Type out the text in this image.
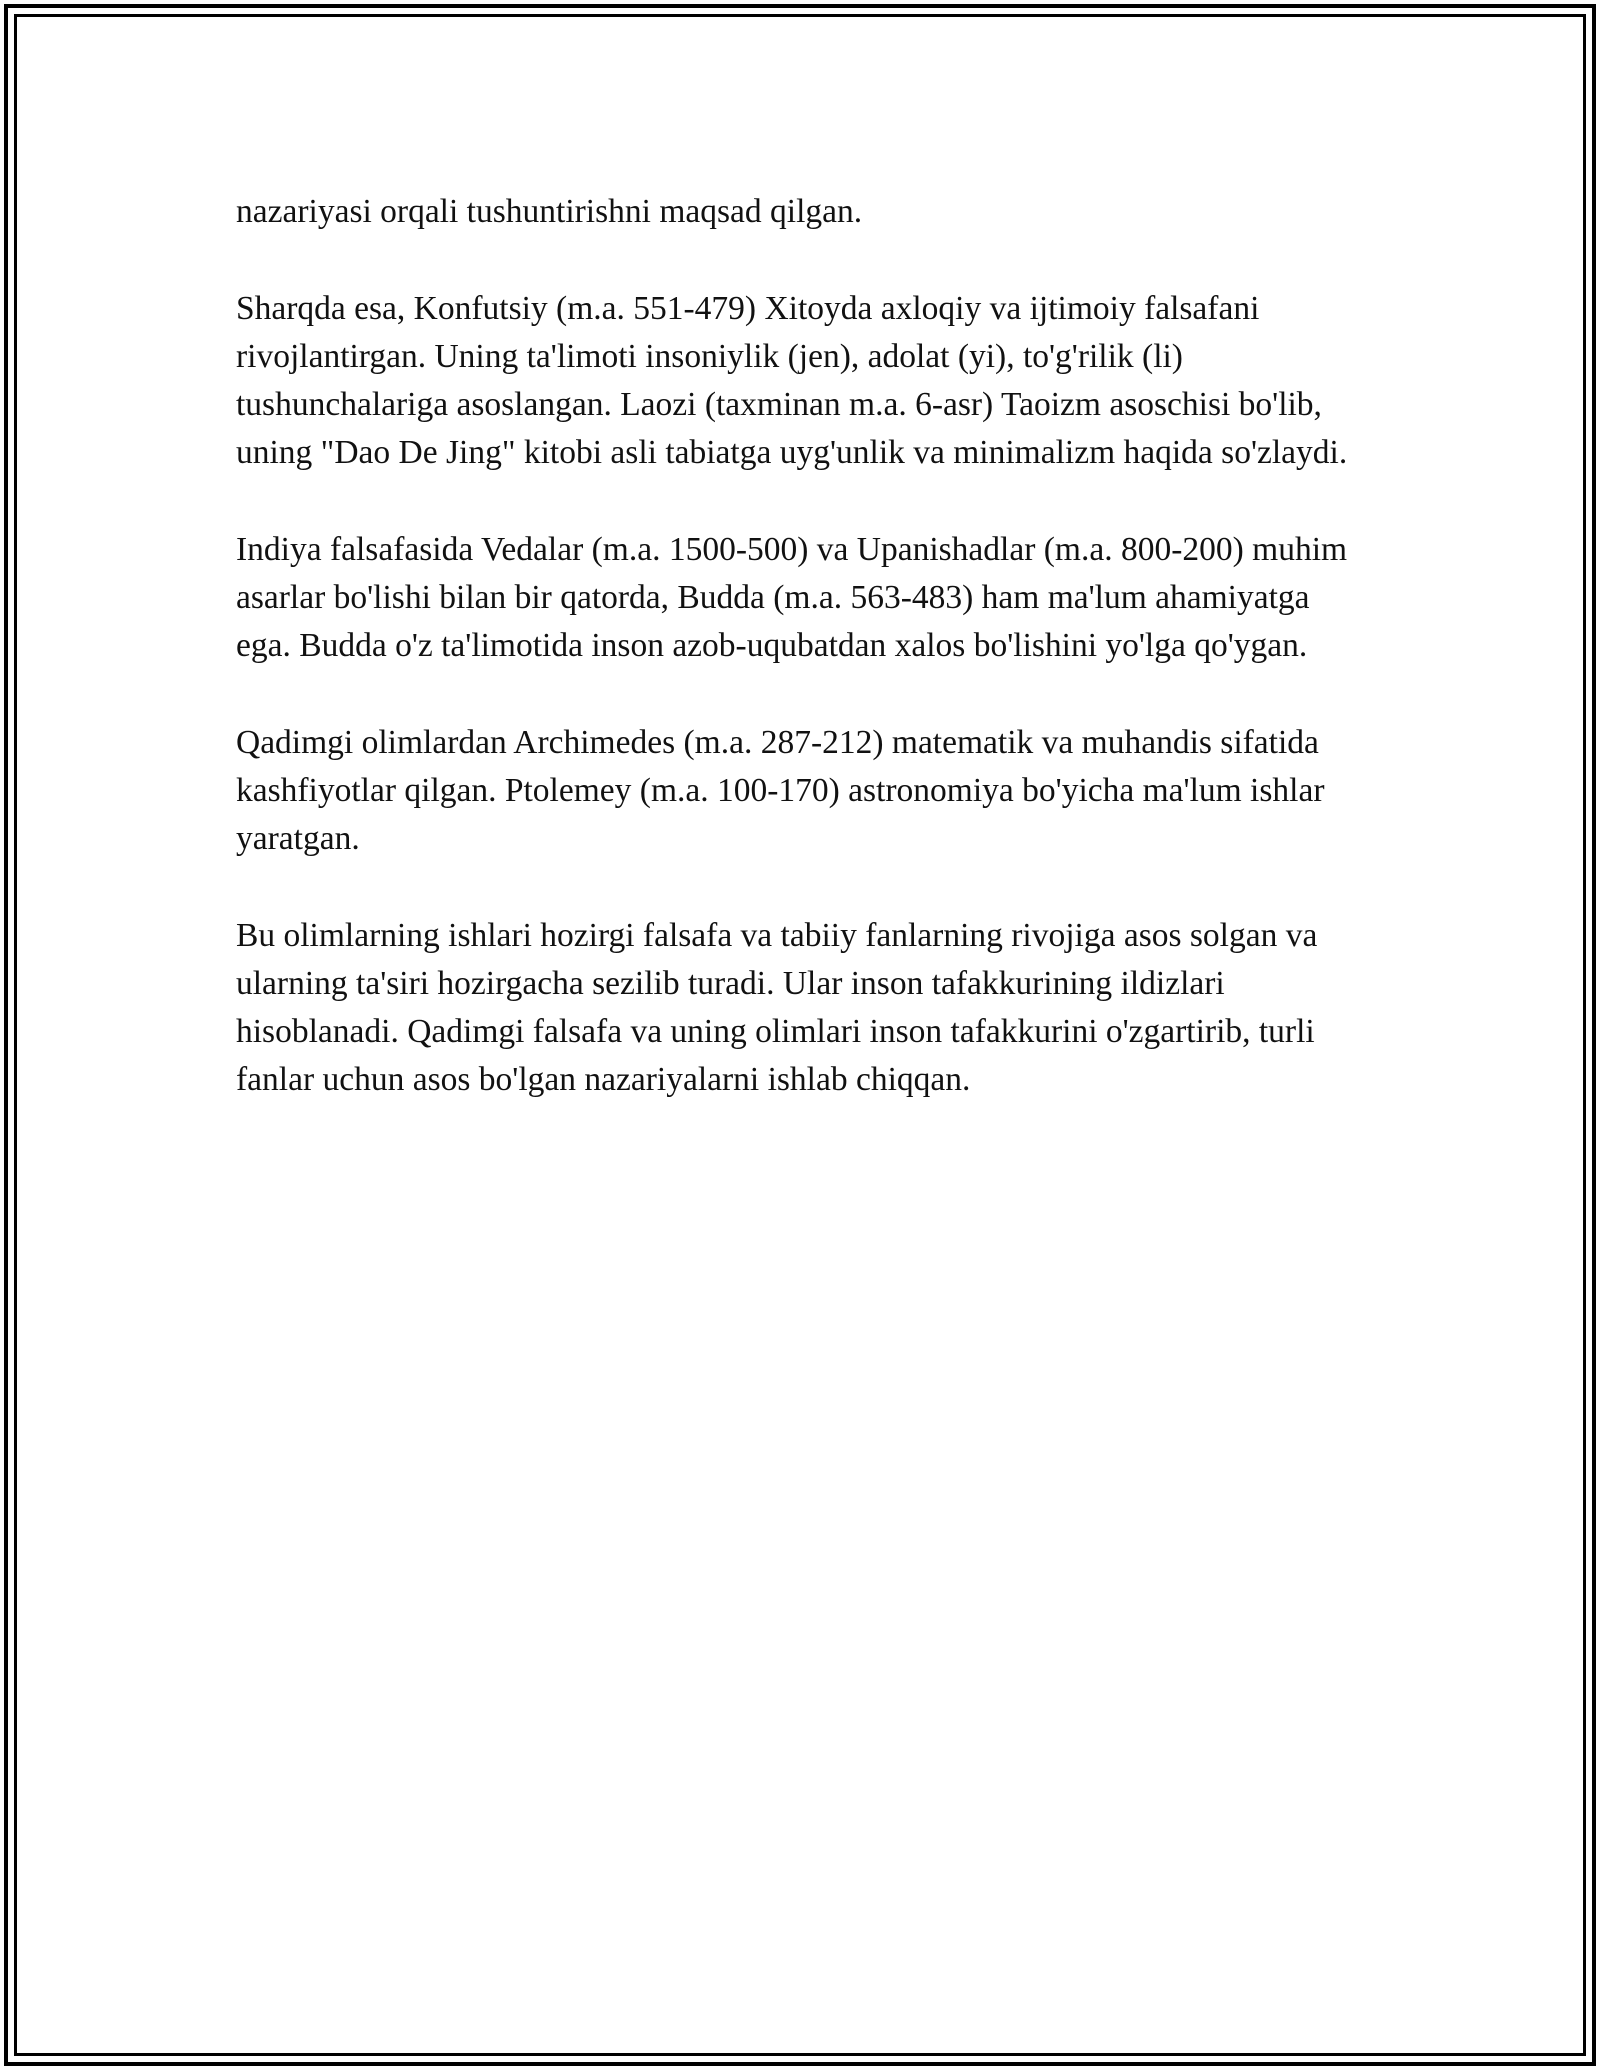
nazariyasi orqali tushuntirishni maqsad qilgan.

Sharqda esa, Konfutsiy (m.a. 551-479) Xitoyda axloqiy va ijtimoiy falsafani rivojlantirgan. Uning ta'limoti insoniylik (jen), adolat (yi), to'g'rilik (li) tushunchalariga asoslangan. Laozi (taxminan m.a. 6-asr) Taoizm asoschisi bo'lib, uning "Dao De Jing" kitobi asli tabiatga uyg'unlik va minimalizm haqida so'zlaydi.

Indiya falsafasida Vedalar (m.a. 1500-500) va Upanishadlar (m.a. 800-200) muhim asarlar bo'lishi bilan bir qatorda, Budda (m.a. 563-483) ham ma'lum ahamiyatga ega. Budda o'z ta'limotida inson azob-uqubatdan xalos bo'lishini yo'lga qo'ygan.

Qadimgi olimlardan Archimedes (m.a. 287-212) matematik va muhandis sifatida kashfiyotlar qilgan. Ptolemey (m.a. 100-170) astronomiya bo'yicha ma'lum ishlar yaratgan.

Bu olimlarning ishlari hozirgi falsafa va tabiiy fanlarning rivojiga asos solgan va ularning ta'siri hozirgacha sezilib turadi. Ular inson tafakkurining ildizlari hisoblanadi. Qadimgi falsafa va uning olimlari inson tafakkurini o'zgartirib, turli fanlar uchun asos bo'lgan nazariyalarni ishlab chiqqan.
